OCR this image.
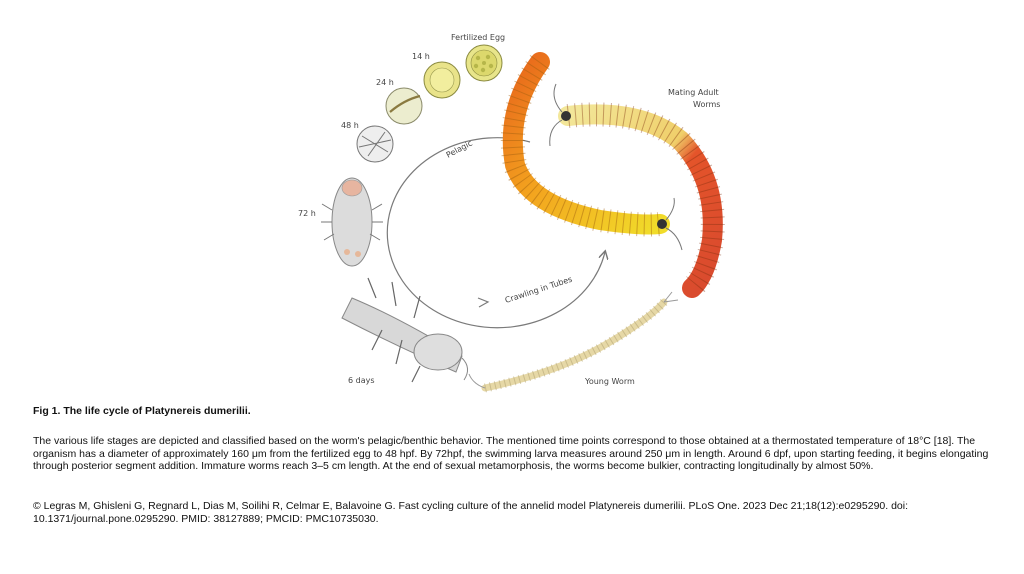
Pelagic
Crawling in Tubes
Fertilized Egg
14 h
24 h
48 h
72 h
6 days	Young Worm
Mating Adult
Worms

Fig 1. The life cycle of Platynereis dumerilii.

The various life stages are depicted and classified based on the worm's pelagic/benthic behavior. The mentioned time points correspond to those obtained at a thermostated temperature of 18°C [18]. The organism has a diameter of approximately 160 μm from the fertilized egg to 48 hpf. By 72hpf, the swimming larva measures around 250 μm in length. Around 6 dpf, upon starting feeding, it begins elongating through posterior segment addition. Immature worms reach 3–5 cm length. At the end of sexual metamorphosis, the worms become bulkier, contracting longitudinally by almost 50%.

© Legras M, Ghisleni G, Regnard L, Dias M, Soilihi R, Celmar E, Balavoine G. Fast cycling culture of the annelid model Platynereis dumerilii. PLoS One. 2023 Dec 21;18(12):e0295290. doi: 10.1371/journal.pone.0295290. PMID: 38127889; PMCID: PMC10735030.
